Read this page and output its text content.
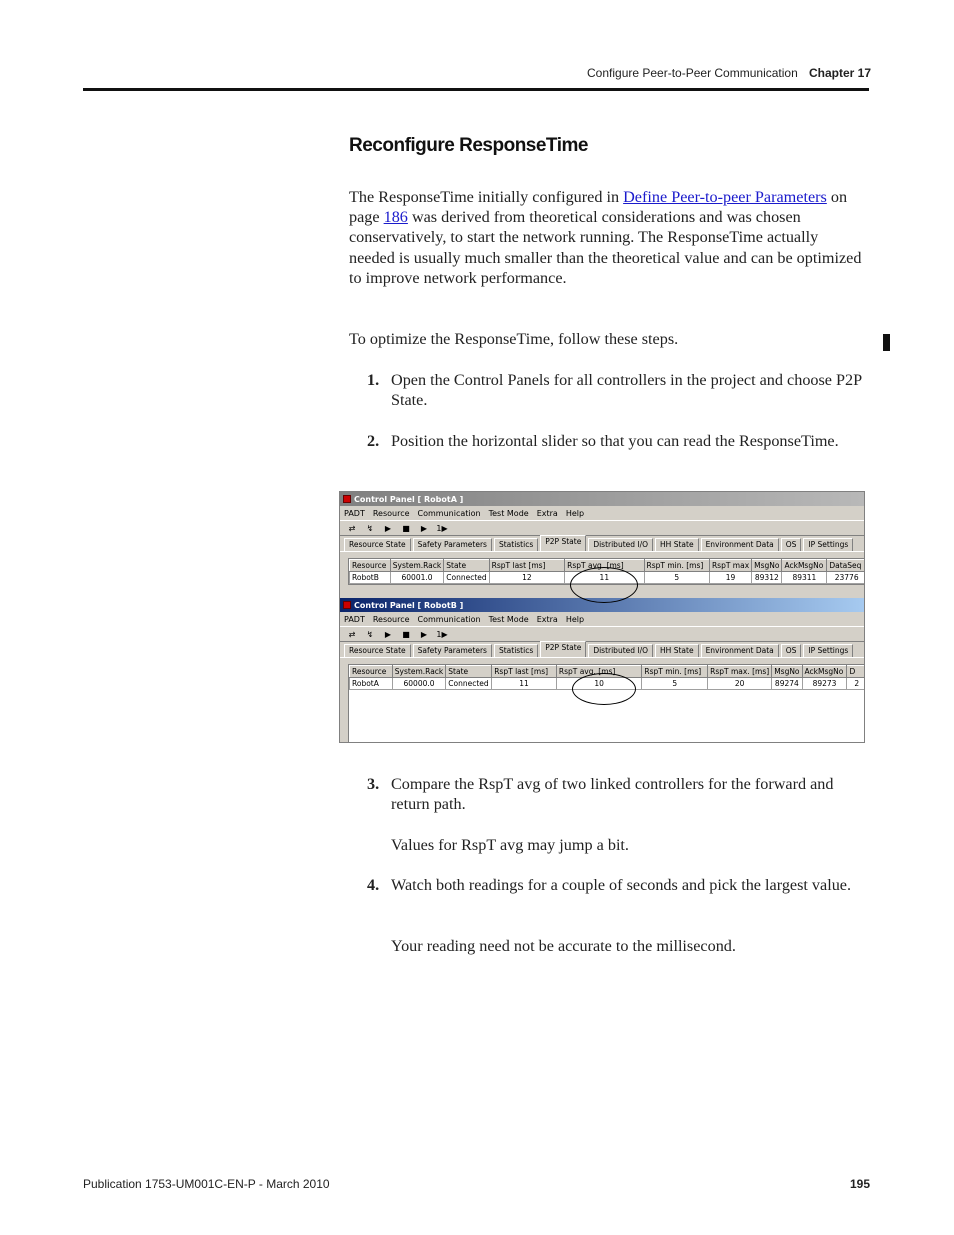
Configure Peer-to-Peer Communication Chapter 17
Reconfigure ResponseTime

The ResponseTime initially configured in Define Peer-to-peer Parameters on page 186 was derived from theoretical considerations and was chosen conservatively, to start the network running. The ResponseTime actually needed is usually much smaller than the theoretical value and can be optimized to improve network performance.

To optimize the ResponseTime, follow these steps.

1. Open the Control Panels for all controllers in the project and choose P2P State.
2. Position the horizontal slider so that you can read the ResponseTime.
Control Panel [ RobotA ]
PADT Resource Communication Test Mode Extra Help
⇄	↯	▶	■	▶	1▶
Resource State	Safety Parameters	Statistics	P2P State	Distributed I/O	HH State	Environment Data	OS	IP Settings
Resource	System.Rack	State	RspT last [ms]	RspT avg. [ms]	RspT min. [ms]	RspT max	MsgNo	AckMsgNo	DataSeq
RobotB	60001.0	Connected	12	11	5	19	89312	89311	23776
Control Panel [ RobotB ]
PADT Resource Communication Test Mode Extra Help
⇄	↯	▶	■	▶	1▶
Resource State	Safety Parameters	Statistics	P2P State	Distributed I/O	HH State	Environment Data	OS	IP Settings
Resource	System.Rack	State	RspT last [ms]	RspT avg. [ms]	RspT min. [ms]	RspT max. [ms]	MsgNo	AckMsgNo	D
RobotA	60000.0	Connected	11	10	5	20	89274	89273	2
3. Compare the RspT avg of two linked controllers for the forward and return path.

Values for RspT avg may jump a bit.

4. Watch both readings for a couple of seconds and pick the largest value.

Your reading need not be accurate to the millisecond.

Publication 1753-UM001C-EN-P - March 2010	195
